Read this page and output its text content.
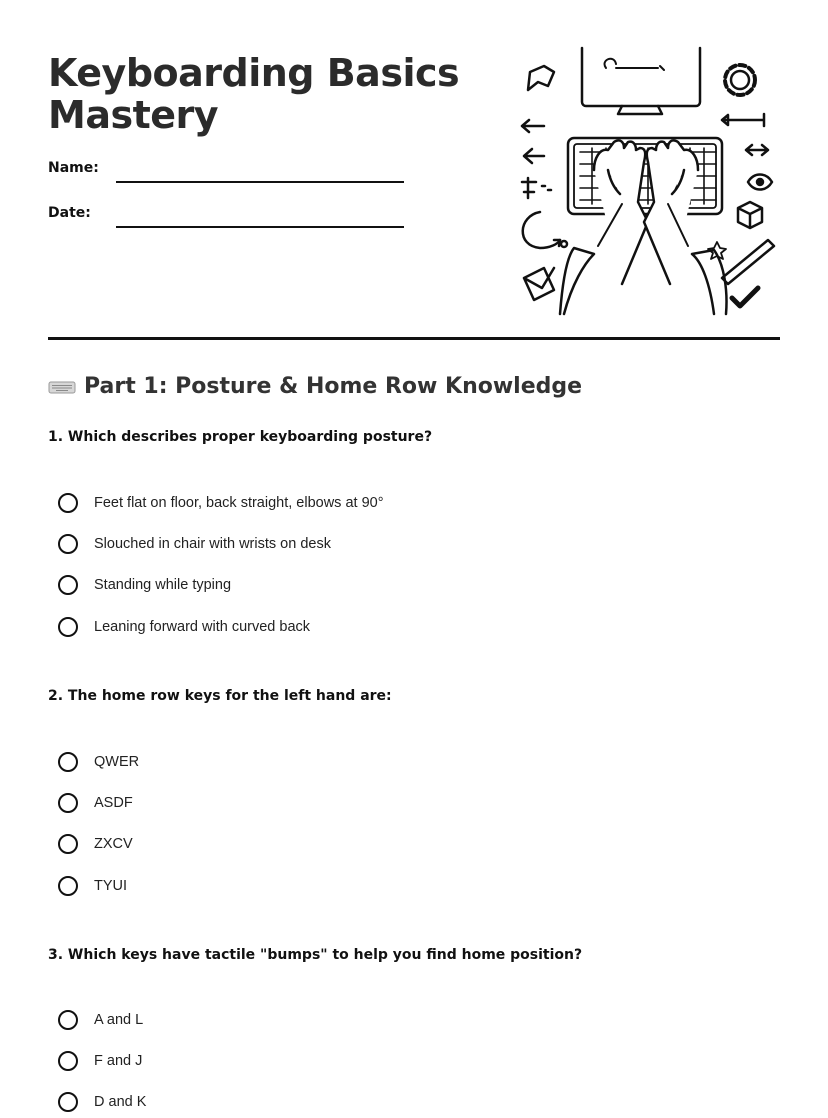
Keyboarding Basics
Mastery
Name:
Date:
Part 1: Posture & Home Row Knowledge

1. Which describes proper keyboarding posture?

Feet flat on floor, back straight, elbows at 90°
Slouched in chair with wrists on desk
Standing while typing
Leaning forward with curved back

2. The home row keys for the left hand are:

QWER
ASDF
ZXCV
TYUI

3. Which keys have tactile "bumps" to help you find home position?

A and L
F and J
D and K
